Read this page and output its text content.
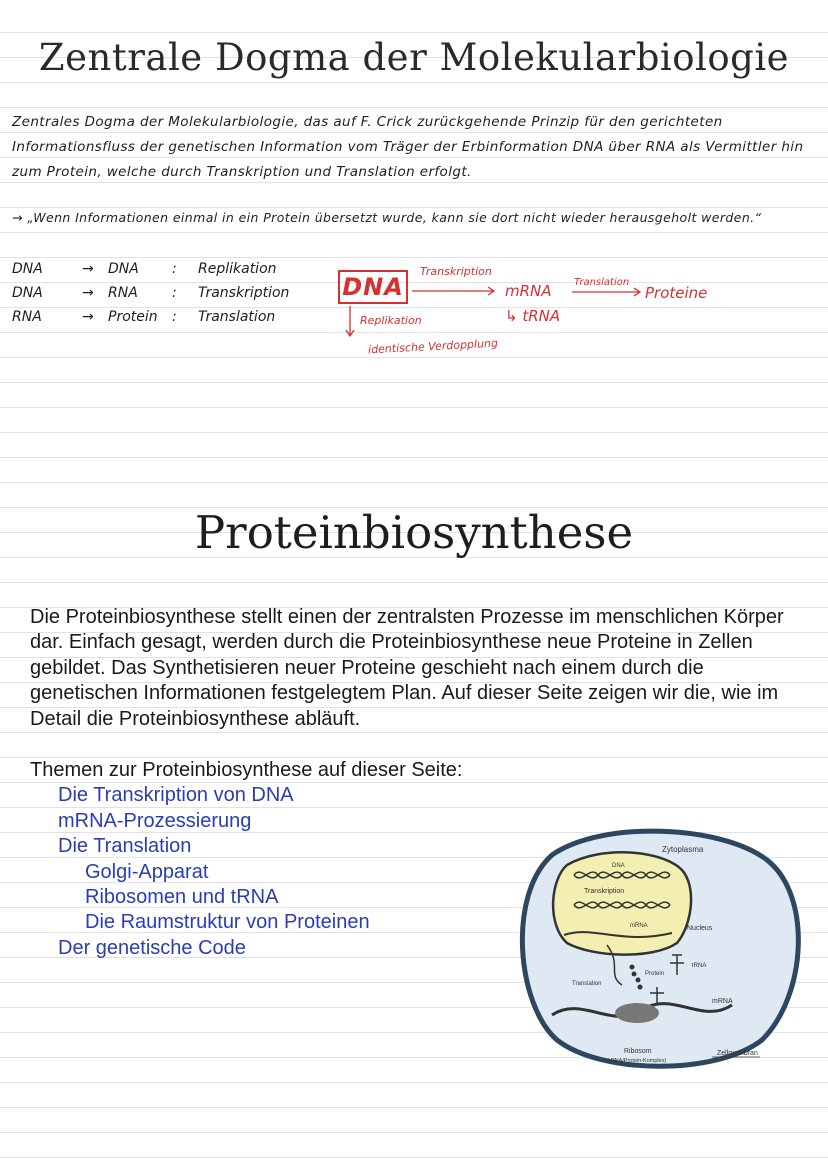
Zentrale Dogma der Molekularbiologie

Zentrales Dogma der Molekularbiologie, das auf F. Crick zurückgehende Prinzip für den gerichteten Informationsfluss der genetischen Information vom Träger der Erbinformation DNA über RNA als Vermittler hin zum Protein, welche durch Transkription und Translation erfolgt.

→ „Wenn Informationen einmal in ein Protein übersetzt wurde, kann sie dort nicht wieder herausgeholt werden.“

DNA	→	DNA	:	Replikation
DNA	→	RNA	:	Transkription
RNA	→	Protein	:	Translation
DNA
Transkription
mRNA
↳ tRNA
Translation
Proteine
Replikation
identische Verdopplung
Proteinbiosynthese

Die Proteinbiosynthese stellt einen der zentralsten Prozesse im menschlichen Körper dar. Einfach gesagt, werden durch die Proteinbiosynthese neue Proteine in Zellen gebildet. Das Synthetisieren neuer Proteine geschieht nach einem durch die genetischen Informationen festgelegtem Plan. Auf dieser Seite zeigen wir die, wie im Detail die Proteinbiosynthese abläuft.

Themen zur Proteinbiosynthese auf dieser Seite:
Die Transkription von DNA
mRNA-Prozessierung
Die Translation
Golgi-Apparat
Ribosomen und tRNA
Die Raumstruktur von Proteinen
Der genetische Code
Zytoplasma
DNA
Transkription
mRNA	Nucleus
Protein
tRNA
Translation
mRNA
Ribosom
(rRNA/Protein-Komplex)
Zellmembran
